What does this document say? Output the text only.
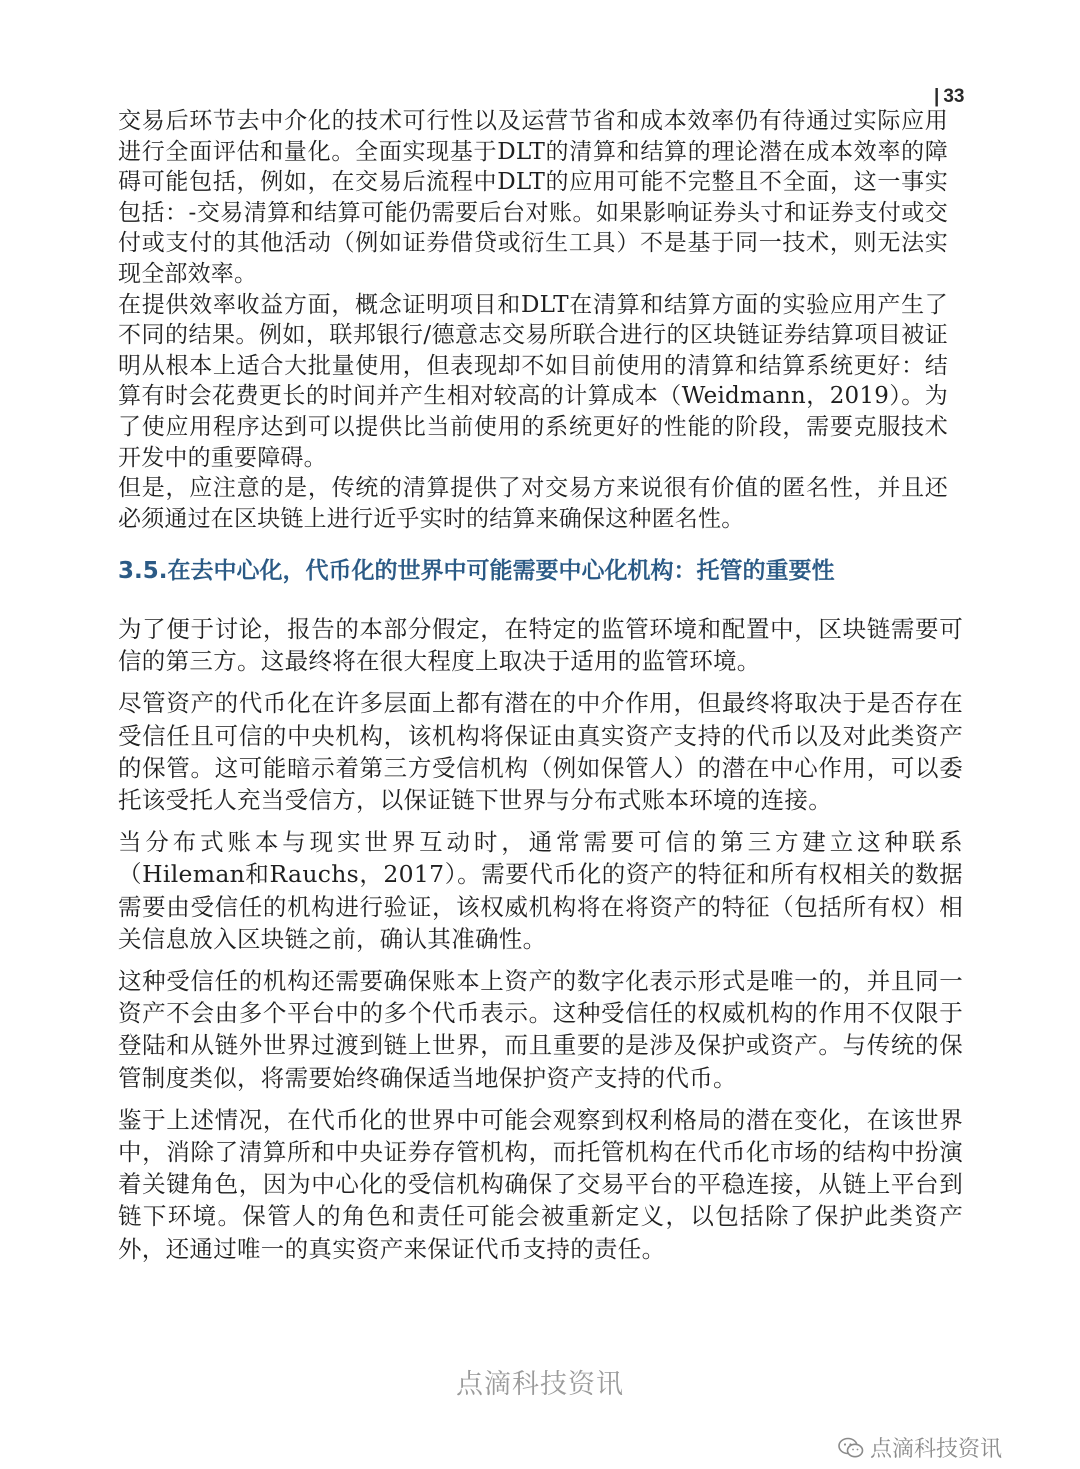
| 33

交易后环节去中介化的技术可行性以及运营节省和成本效率仍有待通过实际应用进行全面评估和量化。全面实现基于DLT的清算和结算的理论潜在成本效率的障碍可能包括，例如，在交易后流程中DLT的应用可能不完整且不全面，这一事实包括：-交易清算和结算可能仍需要后台对账。如果影响证券头寸和证券支付或交付或支付的其他活动（例如证券借贷或衍生工具）不是基于同一技术，则无法实现全部效率。

在提供效率收益方面，概念证明项目和DLT在清算和结算方面的实验应用产生了不同的结果。例如，联邦银行/德意志交易所联合进行的区块链证券结算项目被证明从根本上适合大批量使用，但表现却不如目前使用的清算和结算系统更好：结算有时会花费更长的时间并产生相对较高的计算成本（Weidmann，2019）。为了使应用程序达到可以提供比当前使用的系统更好的性能的阶段，需要克服技术开发中的重要障碍。

但是，应注意的是，传统的清算提供了对交易方来说很有价值的匿名性，并且还必须通过在区块链上进行近乎实时的结算来确保这种匿名性。

3.5.在去中心化，代币化的世界中可能需要中心化机构：托管的重要性

为了便于讨论，报告的本部分假定，在特定的监管环境和配置中，区块链需要可信的第三方。这最终将在很大程度上取决于适用的监管环境。

尽管资产的代币化在许多层面上都有潜在的中介作用，但最终将取决于是否存在受信任且可信的中央机构，该机构将保证由真实资产支持的代币以及对此类资产的保管。这可能暗示着第三方受信机构（例如保管人）的潜在中心作用，可以委托该受托人充当受信方，以保证链下世界与分布式账本环境的连接。

当分布式账本与现实世界互动时，通常需要可信的第三方建立这种联系（Hileman和Rauchs，2017）。需要代币化的资产的特征和所有权相关的数据需要由受信任的机构进行验证，该权威机构将在将资产的特征（包括所有权）相关信息放入区块链之前，确认其准确性。

这种受信任的机构还需要确保账本上资产的数字化表示形式是唯一的，并且同一资产不会由多个平台中的多个代币表示。这种受信任的权威机构的作用不仅限于登陆和从链外世界过渡到链上世界，而且重要的是涉及保护或资产。与传统的保管制度类似，将需要始终确保适当地保护资产支持的代币。

鉴于上述情况，在代币化的世界中可能会观察到权利格局的潜在变化，在该世界中，消除了清算所和中央证券存管机构，而托管机构在代币化市场的结构中扮演着关键角色，因为中心化的受信机构确保了交易平台的平稳连接，从链上平台到链下环境。保管人的角色和责任可能会被重新定义，以包括除了保护此类资产外，还通过唯一的真实资产来保证代币支持的责任。

点滴科技资讯
点滴科技资讯
